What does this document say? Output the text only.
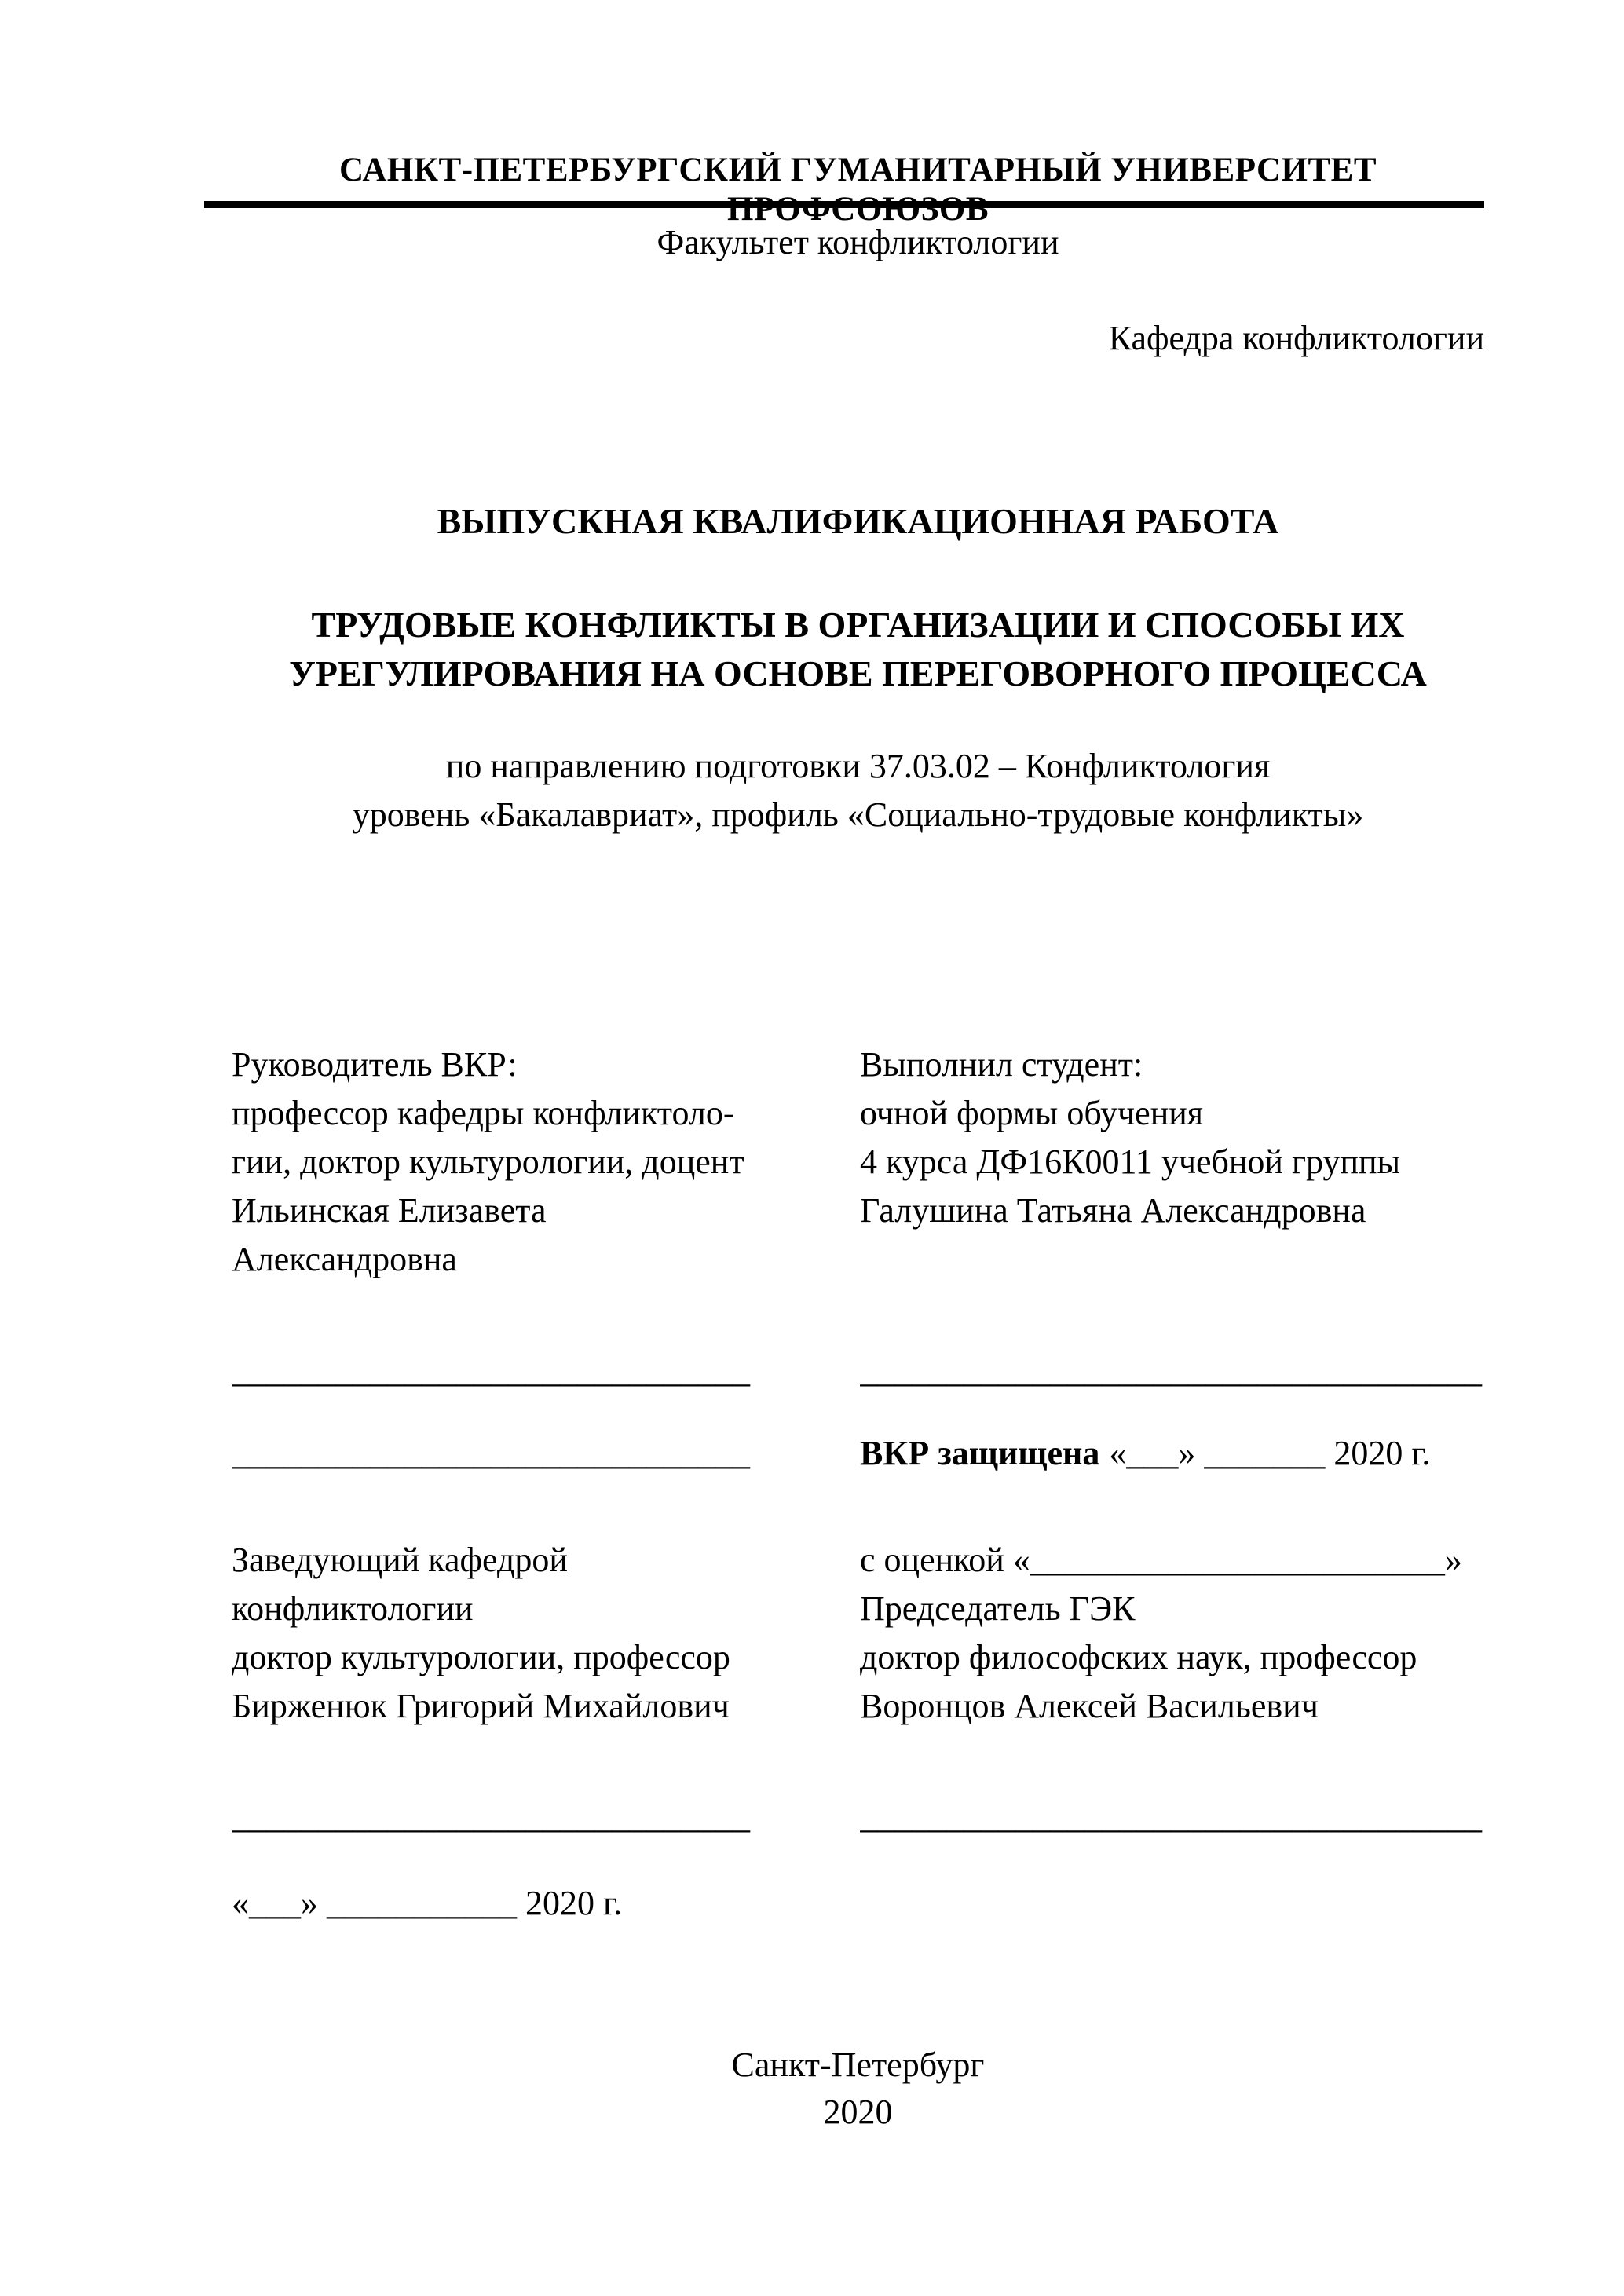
САНКТ-ПЕТЕРБУРГСКИЙ ГУМАНИТАРНЫЙ УНИВЕРСИТЕТ ПРОФСОЮЗОВ
Факультет конфликтологии
Кафедра конфликтологии
ВЫПУСКНАЯ КВАЛИФИКАЦИОННАЯ РАБОТА
ТРУДОВЫЕ КОНФЛИКТЫ В ОРГАНИЗАЦИИ И СПОСОБЫ ИХ
УРЕГУЛИРОВАНИЯ НА ОСНОВЕ ПЕРЕГОВОРНОГО ПРОЦЕССА
по направлению подготовки 37.03.02 – Конфликтология
уровень «Бакалавриат», профиль «Социально-трудовые конфликты»
Руководитель ВКР:
профессор кафедры конфликтоло-
гии, доктор культурологии, доцент
Ильинская Елизавета
Александровна
Выполнил студент:
очной формы обучения
4 курса ДФ16К0011 учебной группы
Галушина Татьяна Александровна
______________________________	____________________________________
______________________________	ВКР защищена «___» _______ 2020 г.
Заведующий кафедрой
конфликтологии
доктор культурологии, профессор
Бирженюк Григорий Михайлович
с оценкой «________________________»
Председатель ГЭК
доктор философских наук, профессор
Воронцов Алексей Васильевич
______________________________	____________________________________
«___» ___________ 2020 г.
Санкт-Петербург
2020
